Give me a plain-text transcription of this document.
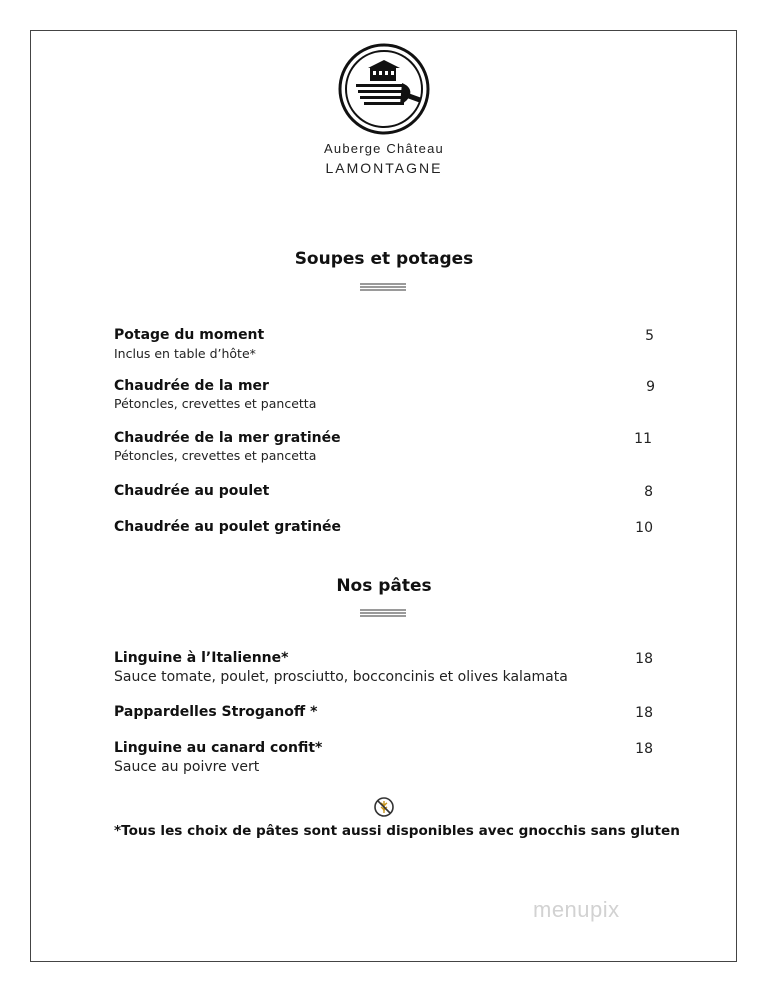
Auberge Château
LAMONTAGNE
Soupes et potages
Potage du moment
Inclus en table d’hôte*
5
Chaudrée de la mer
Pétoncles, crevettes et pancetta
9
Chaudrée de la mer gratinée
Pétoncles, crevettes et pancetta
11
Chaudrée au poulet	8
Chaudrée au poulet gratinée	10
Nos pâtes
Linguine à l’Italienne*
Sauce tomate, poulet, prosciutto, bocconcinis et olives kalamata
18
Pappardelles Stroganoff *	18
Linguine au canard confit*
Sauce au poivre vert
18
*Tous les choix de pâtes sont aussi disponibles avec gnocchis sans gluten
menupix
